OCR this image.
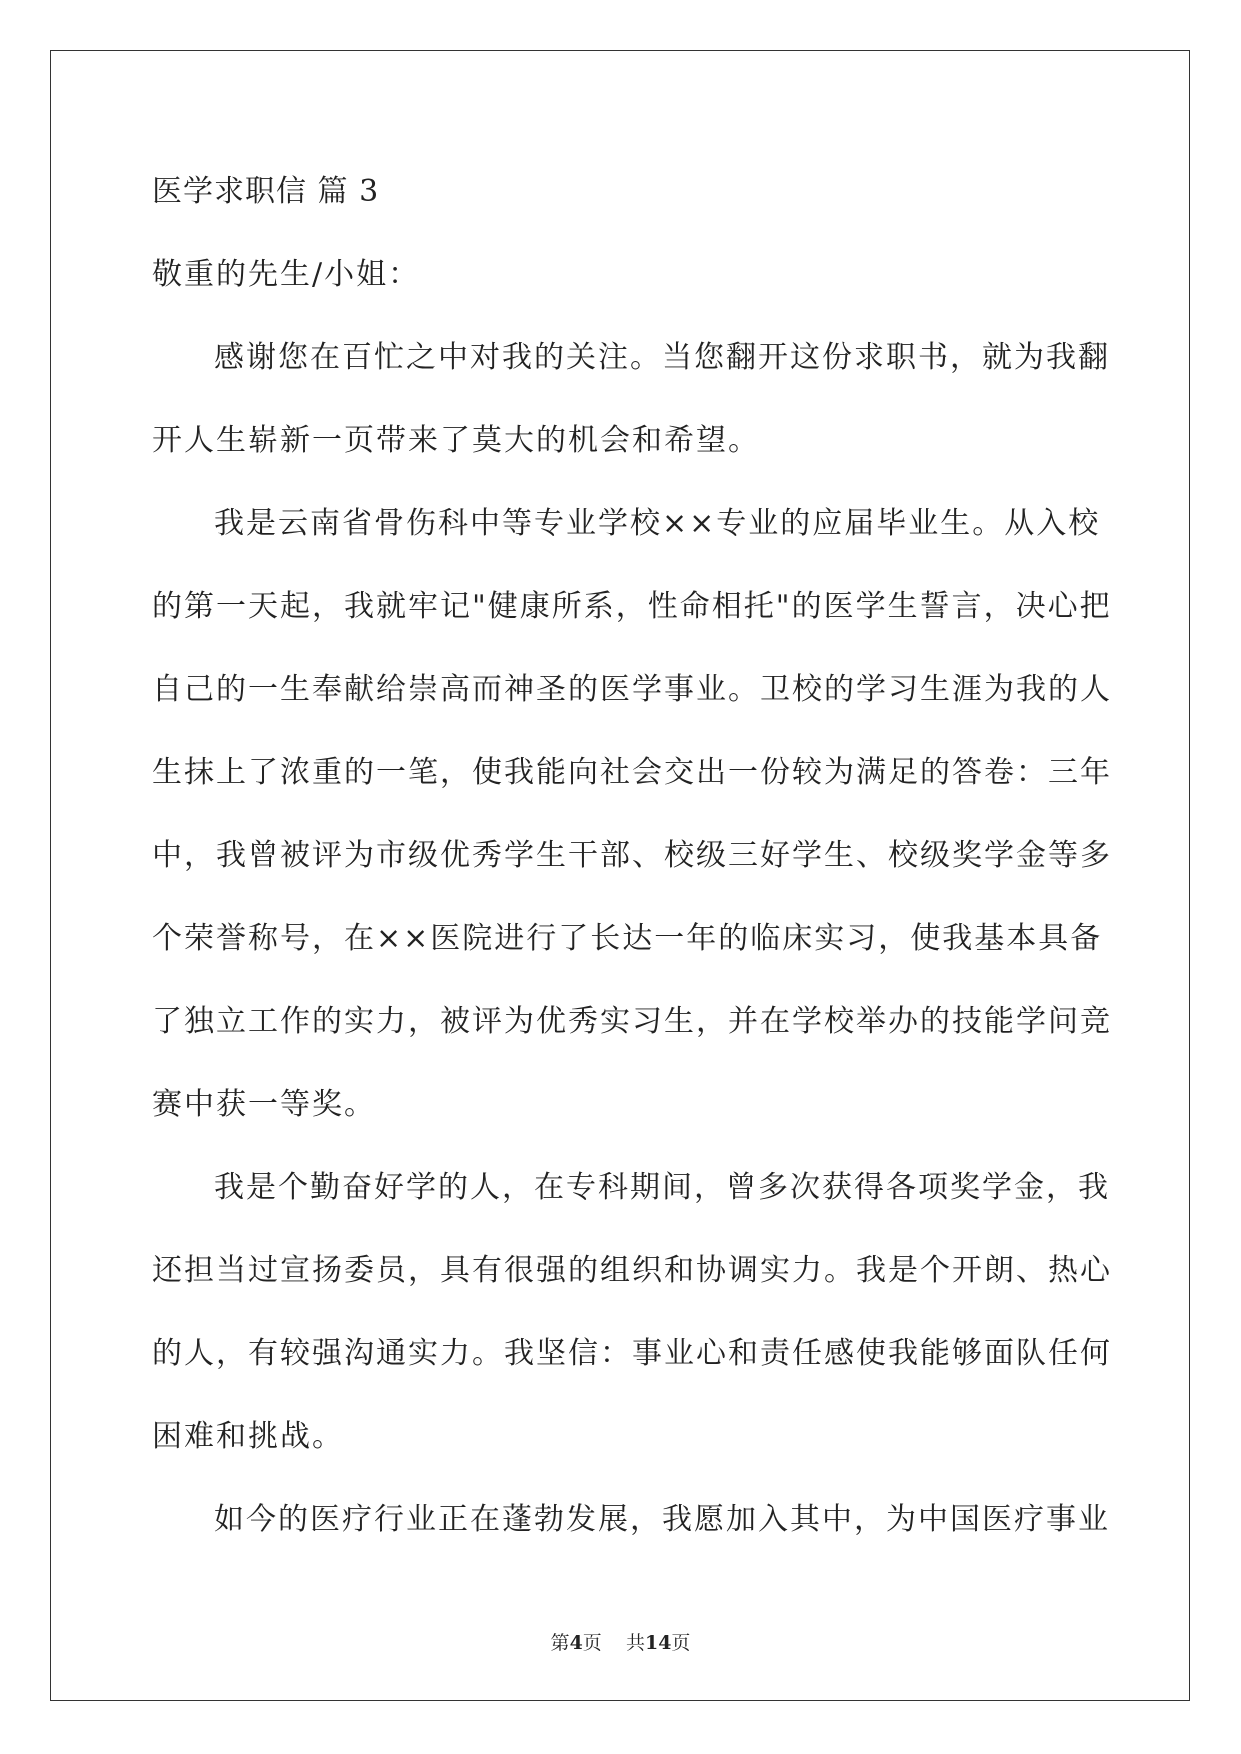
医学求职信 篇 3

敬重的先生/小姐：

感谢您在百忙之中对我的关注。当您翻开这份求职书，就为我翻

开人生崭新一页带来了莫大的机会和希望。

我是云南省骨伤科中等专业学校××专业的应届毕业生。从入校

的第一天起，我就牢记"健康所系，性命相托"的医学生誓言，决心把

自己的一生奉献给崇高而神圣的医学事业。卫校的学习生涯为我的人

生抹上了浓重的一笔，使我能向社会交出一份较为满足的答卷：三年

中，我曾被评为市级优秀学生干部、校级三好学生、校级奖学金等多

个荣誉称号，在××医院进行了长达一年的临床实习，使我基本具备

了独立工作的实力，被评为优秀实习生，并在学校举办的技能学问竞

赛中获一等奖。

我是个勤奋好学的人，在专科期间，曾多次获得各项奖学金，我

还担当过宣扬委员，具有很强的组织和协调实力。我是个开朗、热心

的人，有较强沟通实力。我坚信：事业心和责任感使我能够面队任何

困难和挑战。

如今的医疗行业正在蓬勃发展，我愿加入其中，为中国医疗事业

第4页    共14页
